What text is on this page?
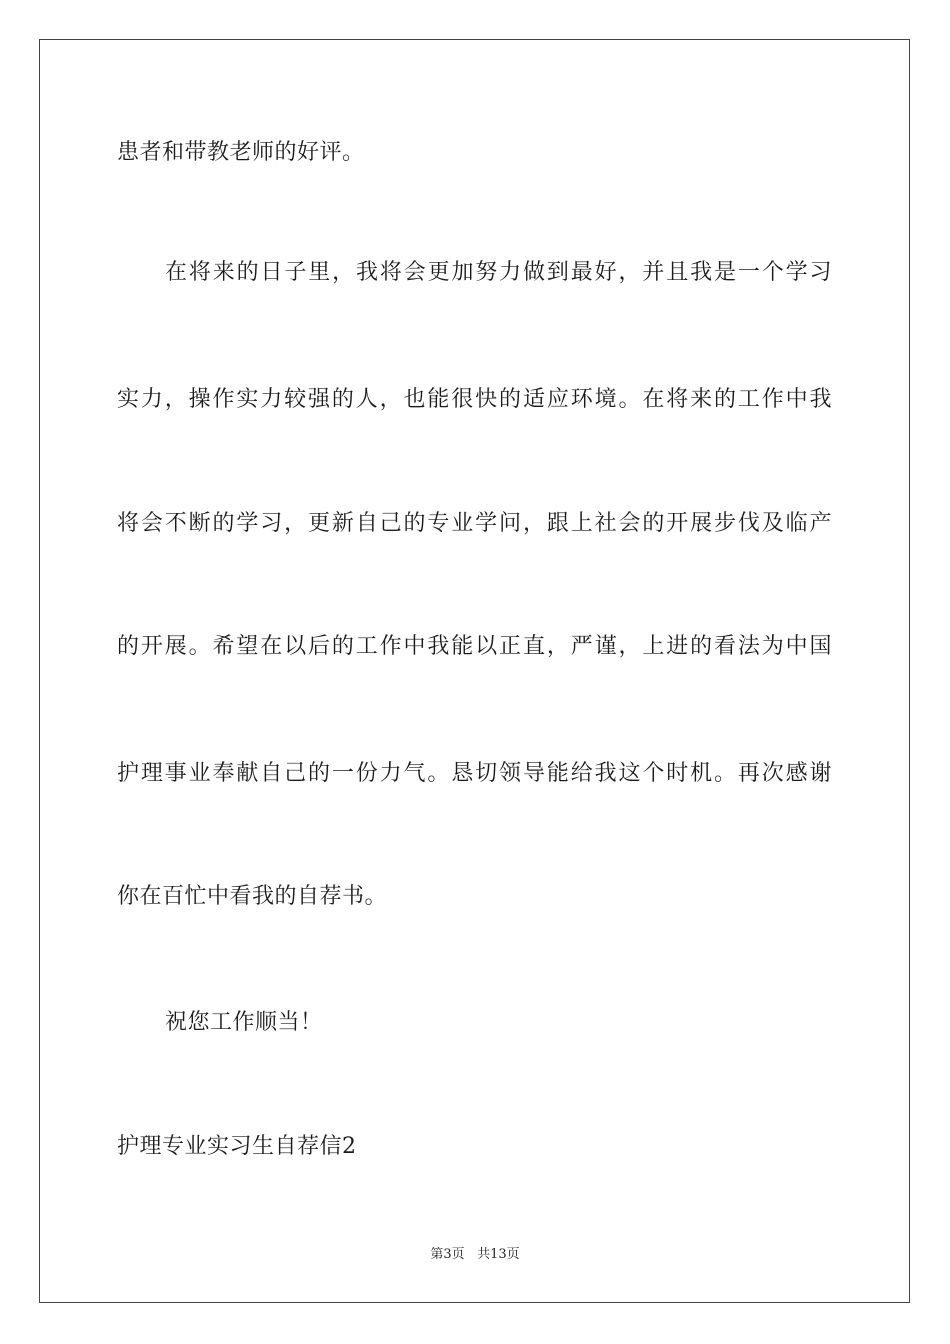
患者和带教老师的好评。
在将来的日子里，我将会更加努力做到最好，并且我是一个学习
实力，操作实力较强的人，也能很快的适应环境。在将来的工作中我
将会不断的学习，更新自己的专业学问，跟上社会的开展步伐及临产
的开展。希望在以后的工作中我能以正直，严谨，上进的看法为中国
护理事业奉献自己的一份力气。恳切领导能给我这个时机。再次感谢
你在百忙中看我的自荐书。
祝您工作顺当！
护理专业实习生自荐信2
第3页 共13页
